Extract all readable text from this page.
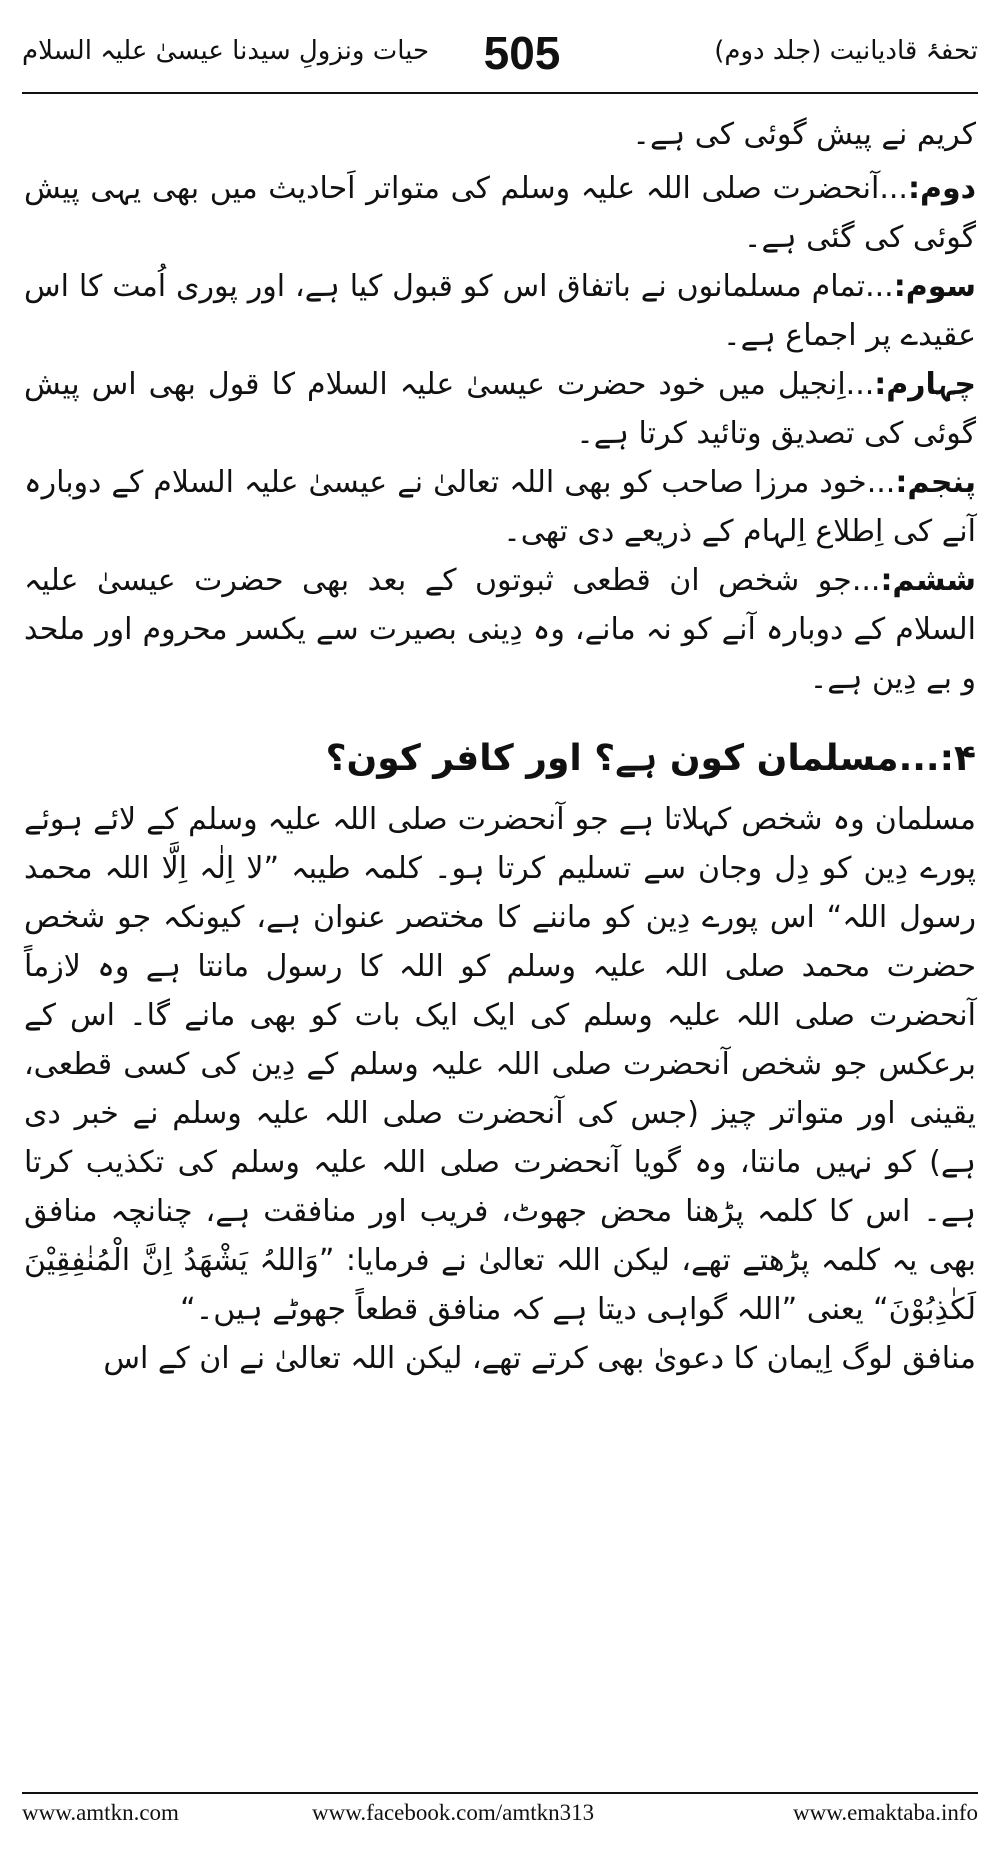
حیات ونزولِ سیدنا عیسیٰ علیہ السلام	505	تحفۂ قادیانیت (جلد دوم)

کریم نے پیش گوئی کی ہے۔

دوم:...آنحضرت صلی اللہ علیہ وسلم کی متواتر اَحادیث میں بھی یہی پیش گوئی کی گئی ہے۔

سوم:...تمام مسلمانوں نے باتفاق اس کو قبول کیا ہے، اور پوری اُمت کا اس عقیدے پر اجماع ہے۔

چہارم:...اِنجیل میں خود حضرت عیسیٰ علیہ السلام کا قول بھی اس پیش گوئی کی تصدیق وتائید کرتا ہے۔

پنجم:...خود مرزا صاحب کو بھی اللہ تعالیٰ نے عیسیٰ علیہ السلام کے دوبارہ آنے کی اِطلاع اِلہام کے ذریعے دی تھی۔

ششم:...جو شخص ان قطعی ثبوتوں کے بعد بھی حضرت عیسیٰ علیہ السلام کے دوبارہ آنے کو نہ مانے، وہ دِینی بصیرت سے یکسر محروم اور ملحد و بے دِین ہے۔

۴:...مسلمان کون ہے؟ اور کافر کون؟

مسلمان وہ شخص کہلاتا ہے جو آنحضرت صلی اللہ علیہ وسلم کے لائے ہوئے پورے دِین کو دِل وجان سے تسلیم کرتا ہو۔ کلمہ طیبہ ”لا اِلٰہ اِلَّا اللہ محمد رسول اللہ“ اس پورے دِین کو ماننے کا مختصر عنوان ہے، کیونکہ جو شخص حضرت محمد صلی اللہ علیہ وسلم کو اللہ کا رسول مانتا ہے وہ لازماً آنحضرت صلی اللہ علیہ وسلم کی ایک ایک بات کو بھی مانے گا۔ اس کے برعکس جو شخص آنحضرت صلی اللہ علیہ وسلم کے دِین کی کسی قطعی، یقینی اور متواتر چیز (جس کی آنحضرت صلی اللہ علیہ وسلم نے خبر دی ہے) کو نہیں مانتا، وہ گویا آنحضرت صلی اللہ علیہ وسلم کی تکذیب کرتا ہے۔ اس کا کلمہ پڑھنا محض جھوٹ، فریب اور منافقت ہے، چنانچہ منافق بھی یہ کلمہ پڑھتے تھے، لیکن اللہ تعالیٰ نے فرمایا: ”وَاللہُ یَشْھَدُ اِنَّ الْمُنٰفِقِیْنَ لَکٰذِبُوْنَ“ یعنی ”اللہ گواہی دیتا ہے کہ منافق قطعاً جھوٹے ہیں۔“

منافق لوگ اِیمان کا دعویٰ بھی کرتے تھے، لیکن اللہ تعالیٰ نے ان کے اس

www.amtkn.com	www.facebook.com/amtkn313	www.emaktaba.info
